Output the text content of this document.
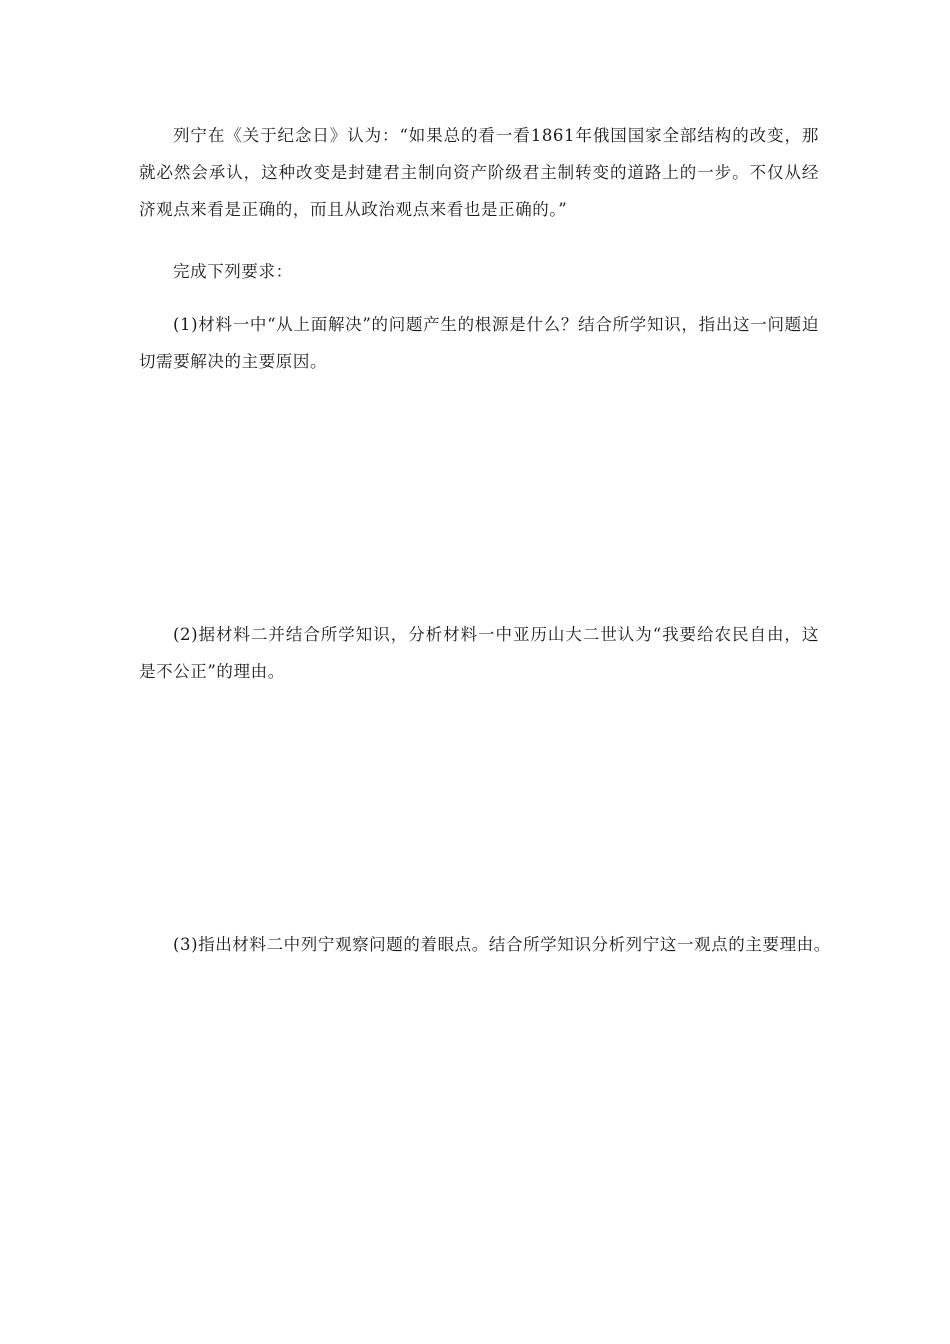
列宁在《关于纪念日》认为：“如果总的看一看1861年俄国国家全部结构的改变，那就必然会承认，这种改变是封建君主制向资产阶级君主制转变的道路上的一步。不仅从经济观点来看是正确的，而且从政治观点来看也是正确的。”

完成下列要求：

(1)材料一中“从上面解决”的问题产生的根源是什么？结合所学知识，指出这一问题迫切需要解决的主要原因。

(2)据材料二并结合所学知识，分析材料一中亚历山大二世认为“我要给农民自由，这是不公正”的理由。

(3)指出材料二中列宁观察问题的着眼点。结合所学知识分析列宁这一观点的主要理由。
